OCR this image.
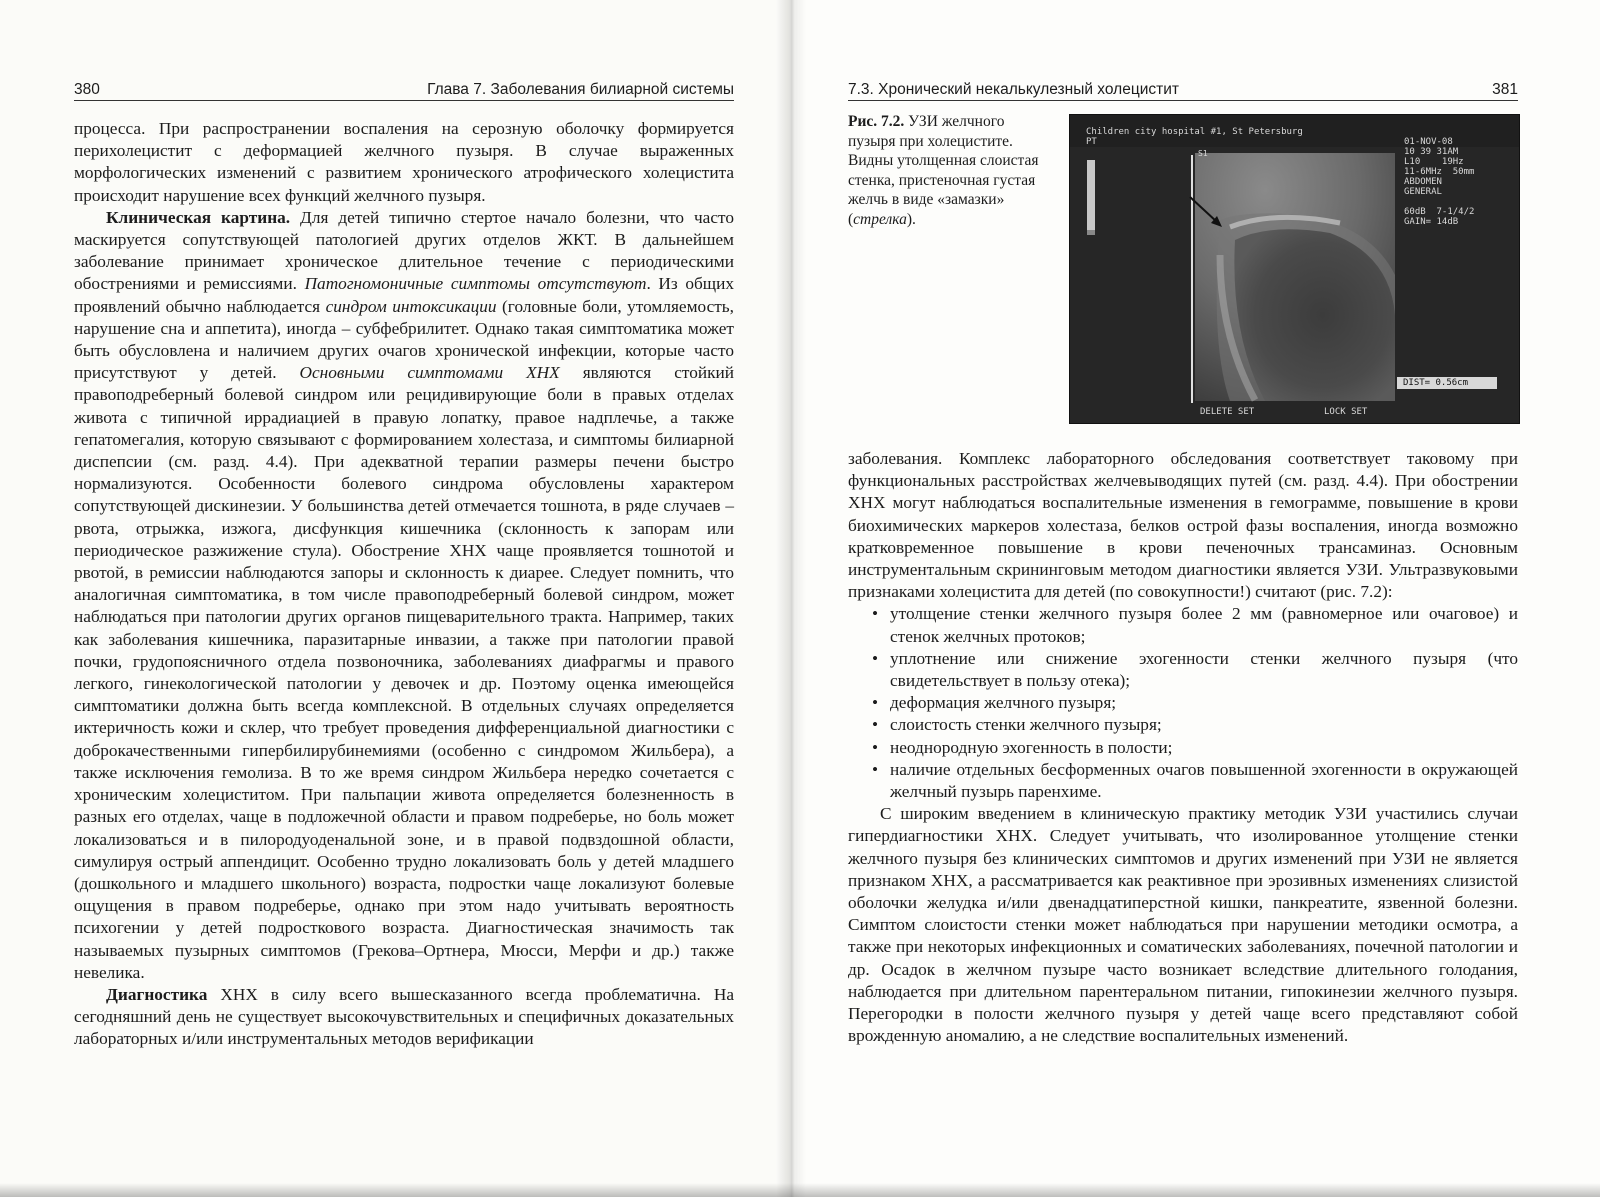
380	Глава 7. Заболевания билиарной системы

процесса. При распространении воспаления на серозную оболочку формируется перихолецистит с деформацией желчного пузыря. В случае выраженных морфологических изменений с развитием хронического атрофического холецистита происходит нарушение всех функций желчного пузыря.

Клиническая картина. Для детей типично стертое начало болезни, что часто маскируется сопутствующей патологией других отделов ЖКТ. В дальнейшем заболевание принимает хроническое длительное течение с периодическими обострениями и ремиссиями. Патогномоничные симптомы отсутствуют. Из общих проявлений обычно наблюдается синдром интоксикации (головные боли, утомляемость, нарушение сна и аппетита), иногда – субфебрилитет. Однако такая симптоматика может быть обусловлена и наличием других очагов хронической инфекции, которые часто присутствуют у детей. Основными симптомами ХНХ являются стойкий правоподреберный болевой синдром или рецидивирующие боли в правых отделах живота с типичной иррадиацией в правую лопатку, правое надплечье, а также гепатомегалия, которую связывают с формированием холестаза, и симптомы билиарной диспепсии (см. разд. 4.4). При адекватной терапии размеры печени быстро нормализуются. Особенности болевого синдрома обусловлены характером сопутствующей дискинезии. У большинства детей отмечается тошнота, в ряде случаев – рвота, отрыжка, изжога, дисфункция кишечника (склонность к запорам или периодическое разжижение стула). Обострение ХНХ чаще проявляется тошнотой и рвотой, в ремиссии наблюдаются запоры и склонность к диарее. Следует помнить, что аналогичная симптоматика, в том числе правоподреберный болевой синдром, может наблюдаться при патологии других органов пищеварительного тракта. Например, таких как заболевания кишечника, паразитарные инвазии, а также при патологии правой почки, грудопоясничного отдела позвоночника, заболеваниях диафрагмы и правого легкого, гинекологической патологии у девочек и др. Поэтому оценка имеющейся симптоматики должна быть всегда комплексной. В отдельных случаях определяется иктеричность кожи и склер, что требует проведения дифференциальной диагностики с доброкачественными гипербилирубинемиями (особенно с синдромом Жильбера), а также исключения гемолиза. В то же время синдром Жильбера нередко сочетается с хроническим холециститом. При пальпации живота определяется болезненность в разных его отделах, чаще в подложечной области и правом подреберье, но боль может локализоваться и в пилородуоденальной зоне, и в правой подвздошной области, симулируя острый аппендицит. Особенно трудно локализовать боль у детей младшего (дошкольного и младшего школьного) возраста, подростки чаще локализуют болевые ощущения в правом подреберье, однако при этом надо учитывать вероятность психогении у детей подросткового возраста. Диагностическая значимость так называемых пузырных симптомов (Грекова–Ортнера, Мюсси, Мерфи и др.) также невелика.

Диагностика ХНХ в силу всего вышесказанного всегда проблематична. На сегодняшний день не существует высокочувствительных и специфичных доказательных лабораторных и/или инструментальных методов верификации

7.3. Хронический некалькулезный холецистит	381
Рис. 7.2. УЗИ желчного пузыря при холецистите. Видны утолщенная слоистая стенка, пристеночная густая желчь в виде «замазки» (стрелка).
Children city hospital #1, St Petersburg
PT
S1
01-NOV-08
10 39 31AM
L10    19Hz
11-6MHz  50mm
ABDOMEN
GENERAL

60dB  7-1/4/2
GAIN= 14dB
DIST= 0.56cm
DELETE SET	LOCK SET

заболевания. Комплекс лабораторного обследования соответствует таковому при функциональных расстройствах желчевыводящих путей (см. разд. 4.4). При обострении ХНХ могут наблюдаться воспалительные изменения в гемограмме, повышение в крови биохимических маркеров холестаза, белков острой фазы воспаления, иногда возможно кратковременное повышение в крови печеночных трансаминаз. Основным инструментальным скрининговым методом диагностики является УЗИ. Ультразвуковыми признаками холецистита для детей (по совокупности!) считают (рис. 7.2):

• утолщение стенки желчного пузыря более 2 мм (равномерное или очаговое) и стенок желчных протоков;
• уплотнение или снижение эхогенности стенки желчного пузыря (что свидетельствует в пользу отека);
• деформация желчного пузыря;
• слоистость стенки желчного пузыря;
• неоднородную эхогенность в полости;
• наличие отдельных бесформенных очагов повышенной эхогенности в окружающей желчный пузырь паренхиме.

С широким введением в клиническую практику методик УЗИ участились случаи гипердиагностики ХНХ. Следует учитывать, что изолированное утолщение стенки желчного пузыря без клинических симптомов и других изменений при УЗИ не является признаком ХНХ, а рассматривается как реактивное при эрозивных изменениях слизистой оболочки желудка и/или двенадцатиперстной кишки, панкреатите, язвенной болезни. Симптом слоистости стенки может наблюдаться при нарушении методики осмотра, а также при некоторых инфекционных и соматических заболеваниях, почечной патологии и др. Осадок в желчном пузыре часто возникает вследствие длительного голодания, наблюдается при длительном парентеральном питании, гипокинезии желчного пузыря. Перегородки в полости желчного пузыря у детей чаще всего представляют собой врожденную аномалию, а не следствие воспалительных изменений.
